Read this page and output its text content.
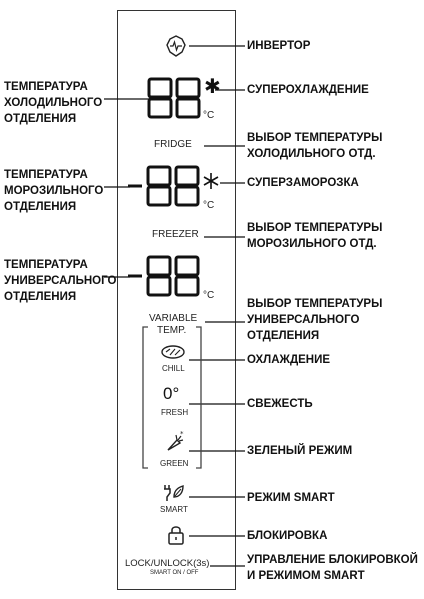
ТЕМПЕРАТУРА
ХОЛОДИЛЬНОГО
ОТДЕЛЕНИЯ
ТЕМПЕРАТУРА
МОРОЗИЛЬНОГО
ОТДЕЛЕНИЯ
ТЕМПЕРАТУРА
УНИВЕРСАЛЬНОГО
ОТДЕЛЕНИЯ
ИНВЕРТОР
СУПЕРОХЛАЖДЕНИЕ
ВЫБОР ТЕМПЕРАТУРЫ
ХОЛОДИЛЬНОГО ОТД.
СУПЕРЗАМОРОЗКА
ВЫБОР ТЕМПЕРАТУРЫ
МОРОЗИЛЬНОГО ОТД.
ВЫБОР ТЕМПЕРАТУРЫ
УНИВЕРСАЛЬНОГО
ОТДЕЛЕНИЯ
ОХЛАЖДЕНИЕ
СВЕЖЕСТЬ
ЗЕЛЕНЫЙ РЕЖИМ
РЕЖИМ SMART
БЛОКИРОВКА
УПРАВЛЕНИЕ БЛОКИРОВКОЙ
И РЕЖИМОМ SMART
✱
°C
FRIDGE
°C
FREEZER
°C
VARIABLE
TEMP.
CHILL
0°
FRESH
*
GREEN
SMART
LOCK/UNLOCK(3s)
SMART ON / OFF
